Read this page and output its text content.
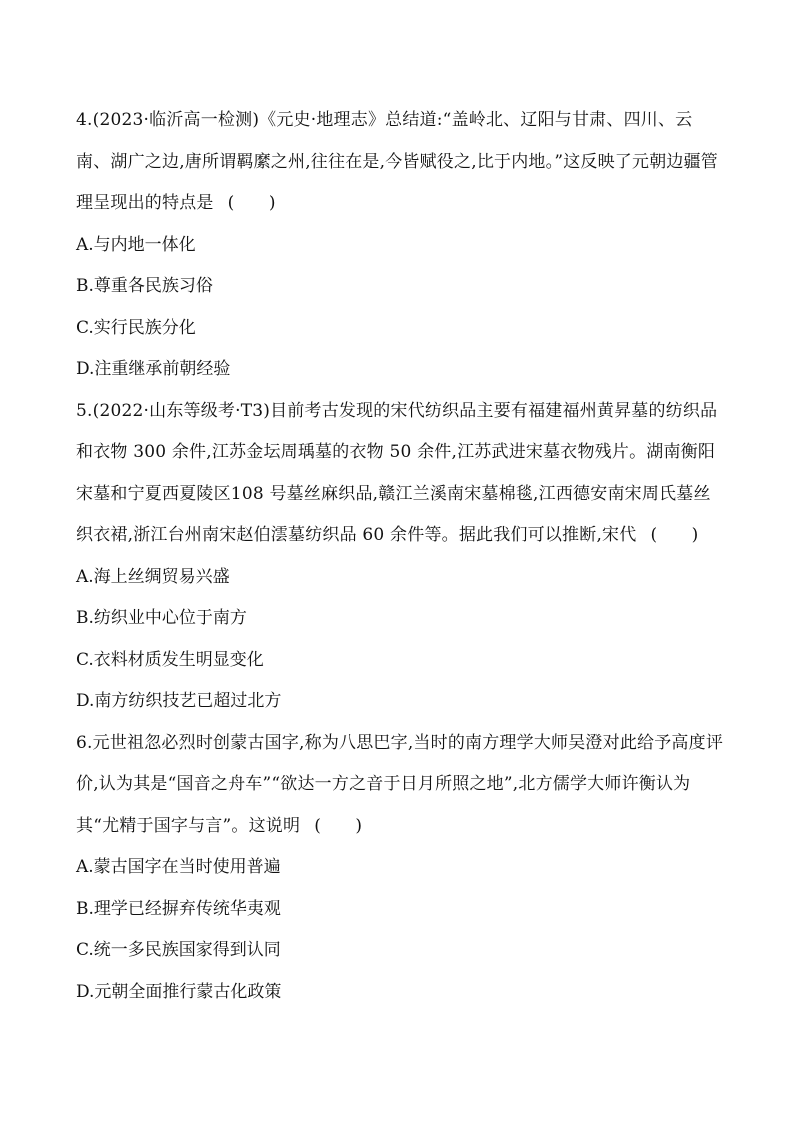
4.(2023·临沂高一检测)《元史·地理志》总结道:“盖岭北、辽阳与甘肃、四川、云南、湖广之边,唐所谓羁縻之州,往往在是,今皆赋役之,比于内地。”这反映了元朝边疆管理呈现出的特点是 (　　)

A.与内地一体化

B.尊重各民族习俗

C.实行民族分化

D.注重继承前朝经验

5.(2022·山东等级考·T3)目前考古发现的宋代纺织品主要有福建福州黄昇墓的纺织品和衣物 300 余件,江苏金坛周瑀墓的衣物 50 余件,江苏武进宋墓衣物残片。湖南衡阳宋墓和宁夏西夏陵区108 号墓丝麻织品,赣江兰溪南宋墓棉毯,江西德安南宋周氏墓丝织衣裙,浙江台州南宋赵伯澐墓纺织品 60 余件等。据此我们可以推断,宋代 (　　)

A.海上丝绸贸易兴盛

B.纺织业中心位于南方

C.衣料材质发生明显变化

D.南方纺织技艺已超过北方

6.元世祖忽必烈时创蒙古国字,称为八思巴字,当时的南方理学大师吴澄对此给予高度评价,认为其是“国音之舟车”“欲达一方之音于日月所照之地”,北方儒学大师许衡认为其“尤精于国字与言”。这说明 (　　)

A.蒙古国字在当时使用普遍

B.理学已经摒弃传统华夷观

C.统一多民族国家得到认同

D.元朝全面推行蒙古化政策
